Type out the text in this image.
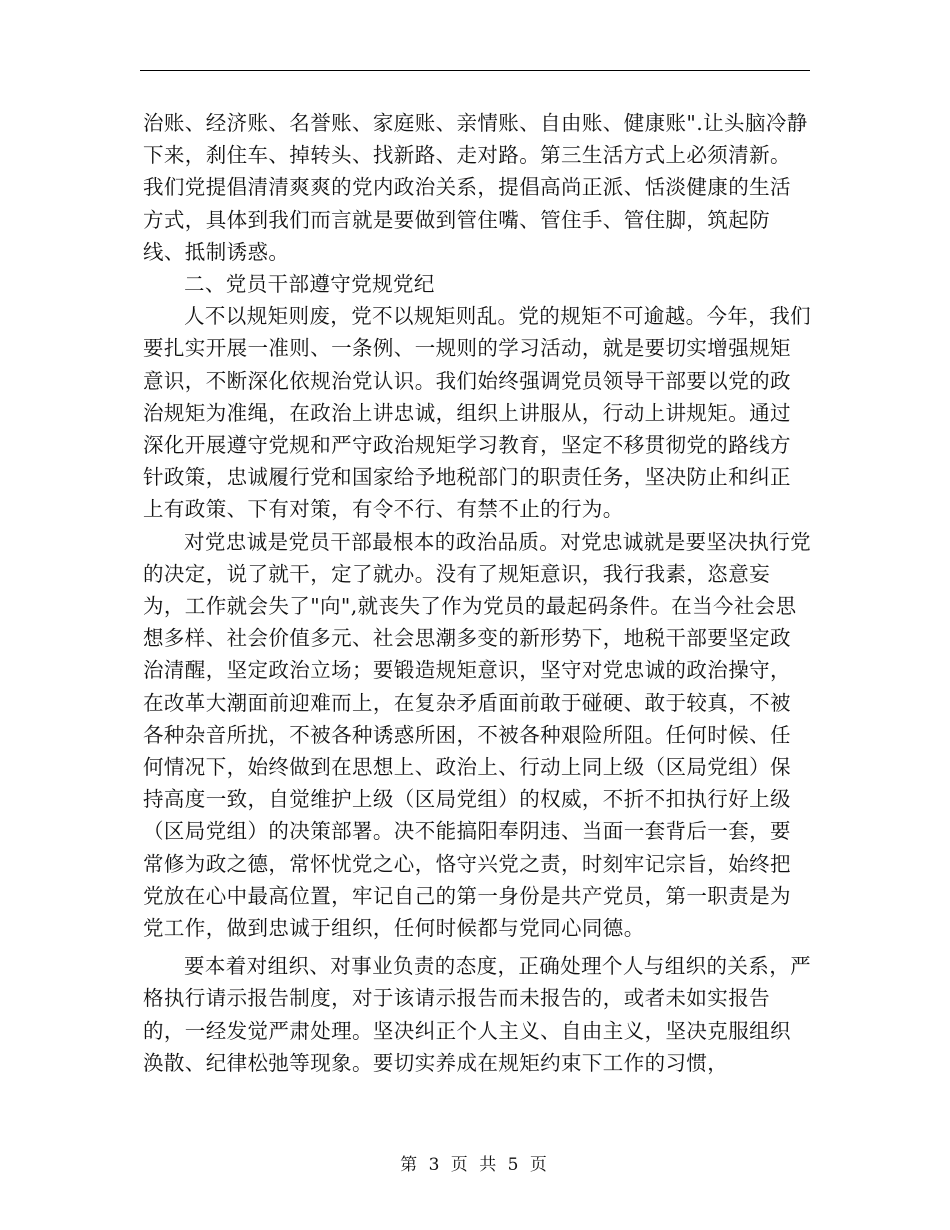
治账、经济账、名誉账、家庭账、亲情账、自由账、健康账".让头脑冷静下来，刹住车、掉转头、找新路、走对路。第三生活方式上必须清新。我们党提倡清清爽爽的党内政治关系，提倡高尚正派、恬淡健康的生活方式，具体到我们而言就是要做到管住嘴、管住手、管住脚，筑起防线、抵制诱惑。

二、党员干部遵守党规党纪

人不以规矩则废，党不以规矩则乱。党的规矩不可逾越。今年，我们要扎实开展一准则、一条例、一规则的学习活动，就是要切实增强规矩意识，不断深化依规治党认识。我们始终强调党员领导干部要以党的政治规矩为准绳，在政治上讲忠诚，组织上讲服从，行动上讲规矩。通过深化开展遵守党规和严守政治规矩学习教育，坚定不移贯彻党的路线方针政策，忠诚履行党和国家给予地税部门的职责任务，坚决防止和纠正上有政策、下有对策，有令不行、有禁不止的行为。

对党忠诚是党员干部最根本的政治品质。对党忠诚就是要坚决执行党的决定，说了就干，定了就办。没有了规矩意识，我行我素，恣意妄为，工作就会失了"向",就丧失了作为党员的最起码条件。在当今社会思想多样、社会价值多元、社会思潮多变的新形势下，地税干部要坚定政治清醒，坚定政治立场；要锻造规矩意识，坚守对党忠诚的政治操守，在改革大潮面前迎难而上，在复杂矛盾面前敢于碰硬、敢于较真，不被各种杂音所扰，不被各种诱惑所困，不被各种艰险所阻。任何时候、任何情况下，始终做到在思想上、政治上、行动上同上级（区局党组）保持高度一致，自觉维护上级（区局党组）的权威，不折不扣执行好上级（区局党组）的决策部署。决不能搞阳奉阴违、当面一套背后一套，要常修为政之德，常怀忧党之心，恪守兴党之责，时刻牢记宗旨，始终把党放在心中最高位置，牢记自己的第一身份是共产党员，第一职责是为党工作，做到忠诚于组织，任何时候都与党同心同德。

要本着对组织、对事业负责的态度，正确处理个人与组织的关系，严格执行请示报告制度，对于该请示报告而未报告的，或者未如实报告的，一经发觉严肃处理。坚决纠正个人主义、自由主义，坚决克服组织涣散、纪律松弛等现象。要切实养成在规矩约束下工作的习惯，

第 3 页 共 5 页
